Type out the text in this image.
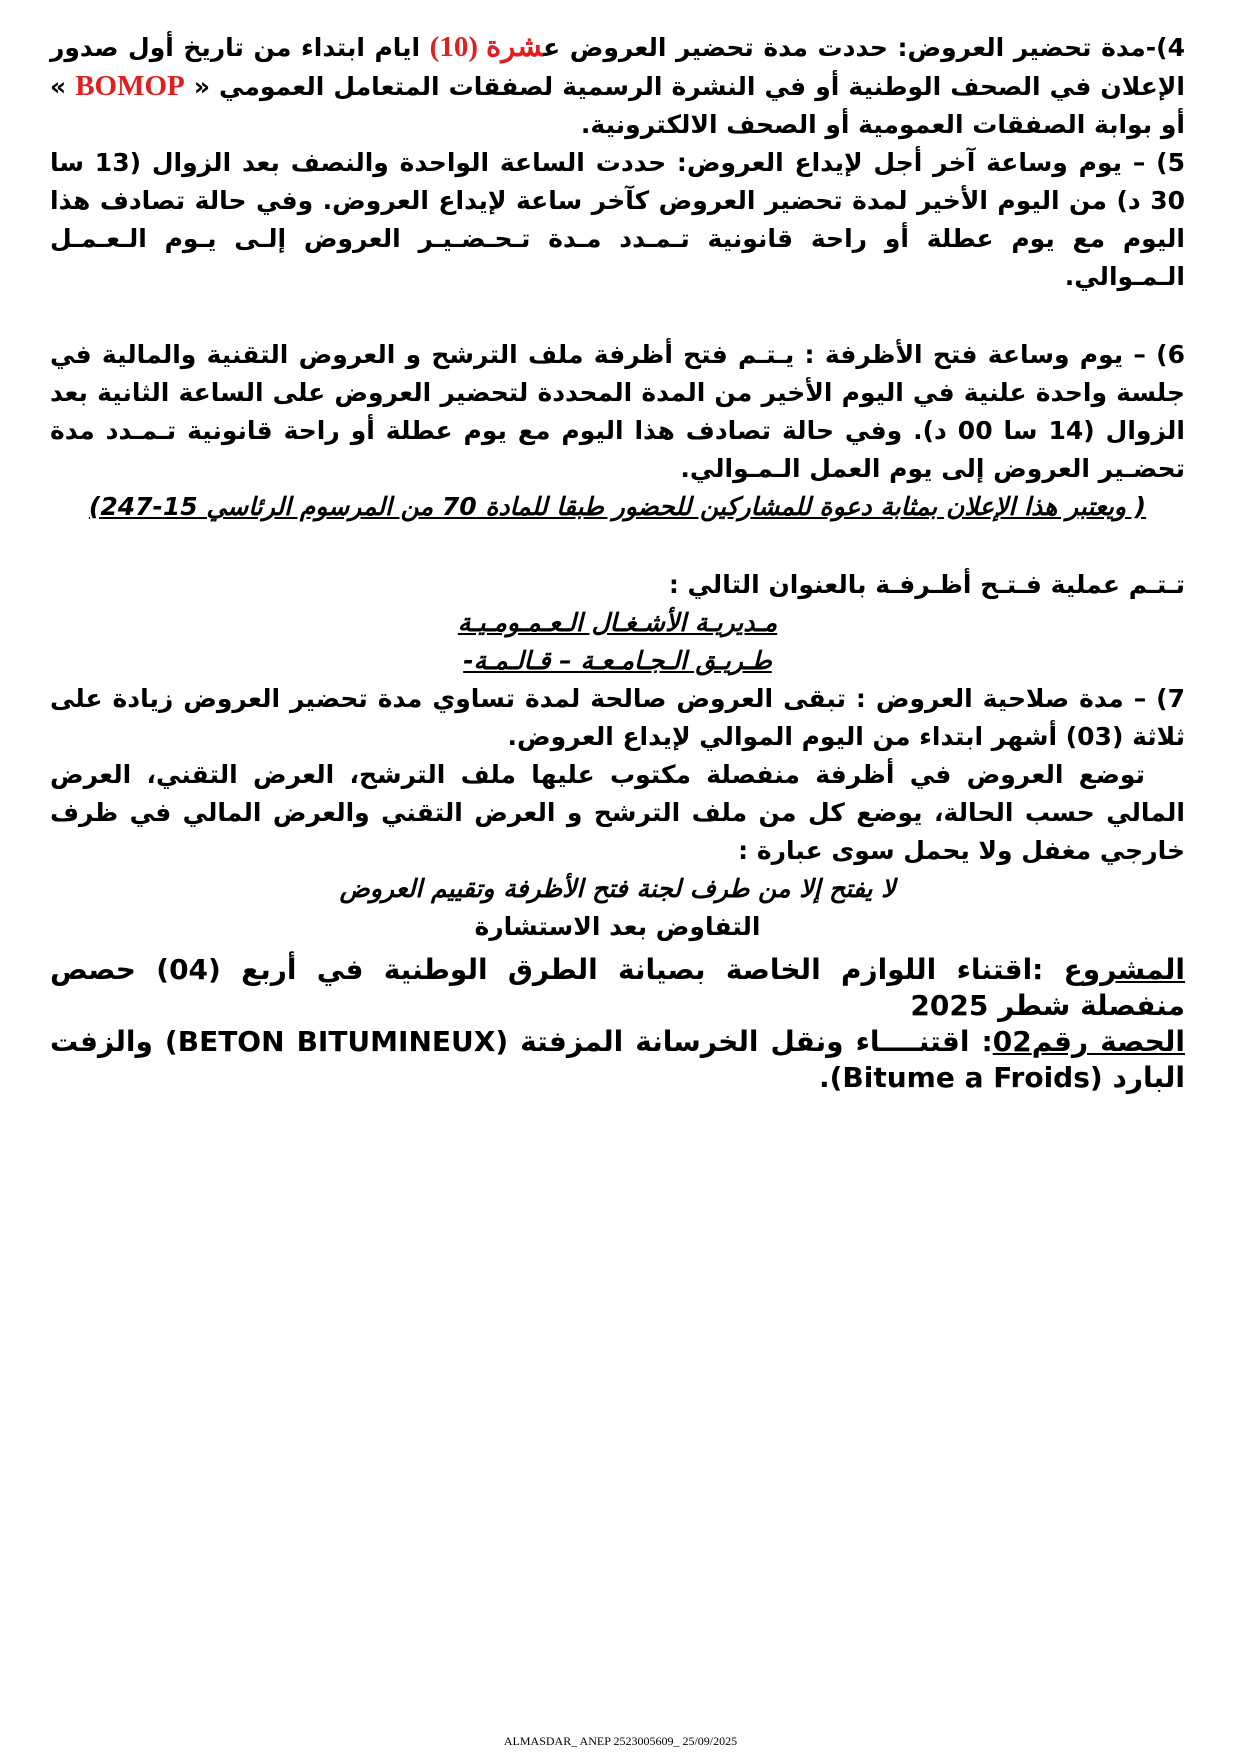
4)-مدة تحضير العروض: حددت مدة تحضير العروض عشرة (10) ايام ابتداء من تاريخ أول صدور الإعلان في الصحف الوطنية أو في النشرة الرسمية لصفقات المتعامل العمومي « BOMOP » أو بوابة الصفقات العمومية أو الصحف الالكترونية.

5) – يوم وساعة آخر أجل لإيداع العروض: حددت الساعة الواحدة والنصف بعد الزوال (13 سا 30 د) من اليوم الأخير لمدة تحضير العروض كآخر ساعة لإيداع العروض. وفي حالة تصادف هذا اليوم مع يوم عطلة أو راحة قانونية تـمـدد مـدة تـحـضـيـر العروض إلـى يـوم الـعـمـل الـمـوالي.

6) – يوم وساعة فتح الأظرفة : يـتـم فتح أظرفة ملف الترشح و العروض التقنية والمالية في جلسة واحدة علنية في اليوم الأخير من المدة المحددة لتحضير العروض على الساعة الثانية بعد الزوال (14 سا 00 د). وفي حالة تصادف هذا اليوم مع يوم عطلة أو راحة قانونية تـمـدد مدة تحضـير العروض إلى يوم العمل الـمـوالي.

( ويعتبر هذا الإعلان بمثابة دعوة للمشاركين للحضور طبقا للمادة 70 من المرسوم الرئاسي 15-247)

تـتـم عملية فـتـح أظـرفـة بالعنوان التالي :

مـديريـة الأشـغـال الـعـمـومـيـة

طـريـق الـجـامـعـة – قـالـمـة-

7) – مدة صلاحية العروض : تبقى العروض صالحة لمدة تساوي مدة تحضير العروض زيادة على ثلاثة (03) أشهر ابتداء من اليوم الموالي لإيداع العروض.

توضع العروض في أظرفة منفصلة مكتوب عليها ملف الترشح، العرض التقني، العرض المالي حسب الحالة، يوضع كل من ملف الترشح و العرض التقني والعرض المالي في ظرف خارجي مغفل ولا يحمل سوى عبارة :

لا يفتح إلا من طرف لجنة فتح الأظرفة وتقييم العروض

التفاوض بعد الاستشارة

المشروع :اقتناء اللوازم الخاصة بصيانة الطرق الوطنية في أربع (04) حصص منفصلة شطر 2025

الحصة رقم02: اقتنــــاء ونقل الخرسانة المزفتة (BETON BITUMINEUX) والزفت البارد (Bitume a Froids).

ALMASDAR_ ANEP 2523005609_ 25/09/2025
